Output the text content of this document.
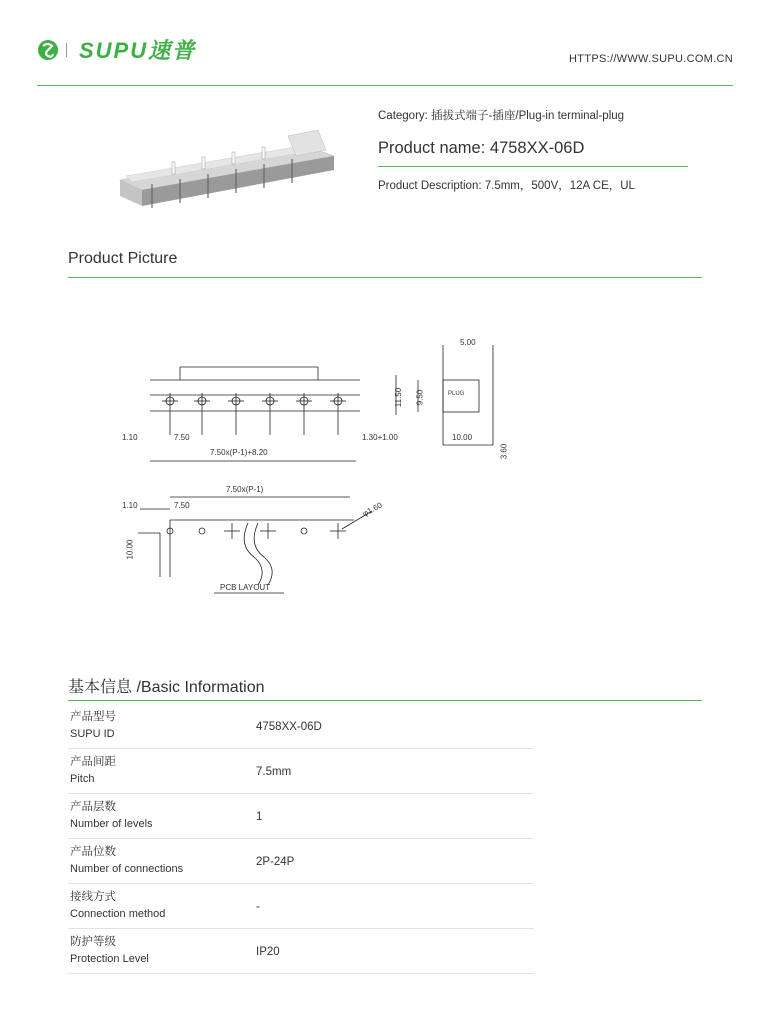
SUPU速普	HTTPS://WWW.SUPU.COM.CN
Category: 插拔式端子-插座/Plug-in terminal-plug
Product name: 4758XX-06D
Product Description: 7.5mm，500V，12A CE，UL
Product Picture
5.00
1.10	7.50
7.50x(P-1)+8.20
1.30+1.00
11.50 9.50	PLUG
10.00
3.60
7.50x(P-1)
1.10	7.50	φ1.60
10.00
PCB LAYOUT
基本信息 /Basic Information
产品型号
SUPU ID	4758XX-06D

产品间距
Pitch	7.5mm

产品层数
Number of levels	1

产品位数
Number of connections	2P-24P

接线方式
Connection method	-

防护等级
Protection Level	IP20
